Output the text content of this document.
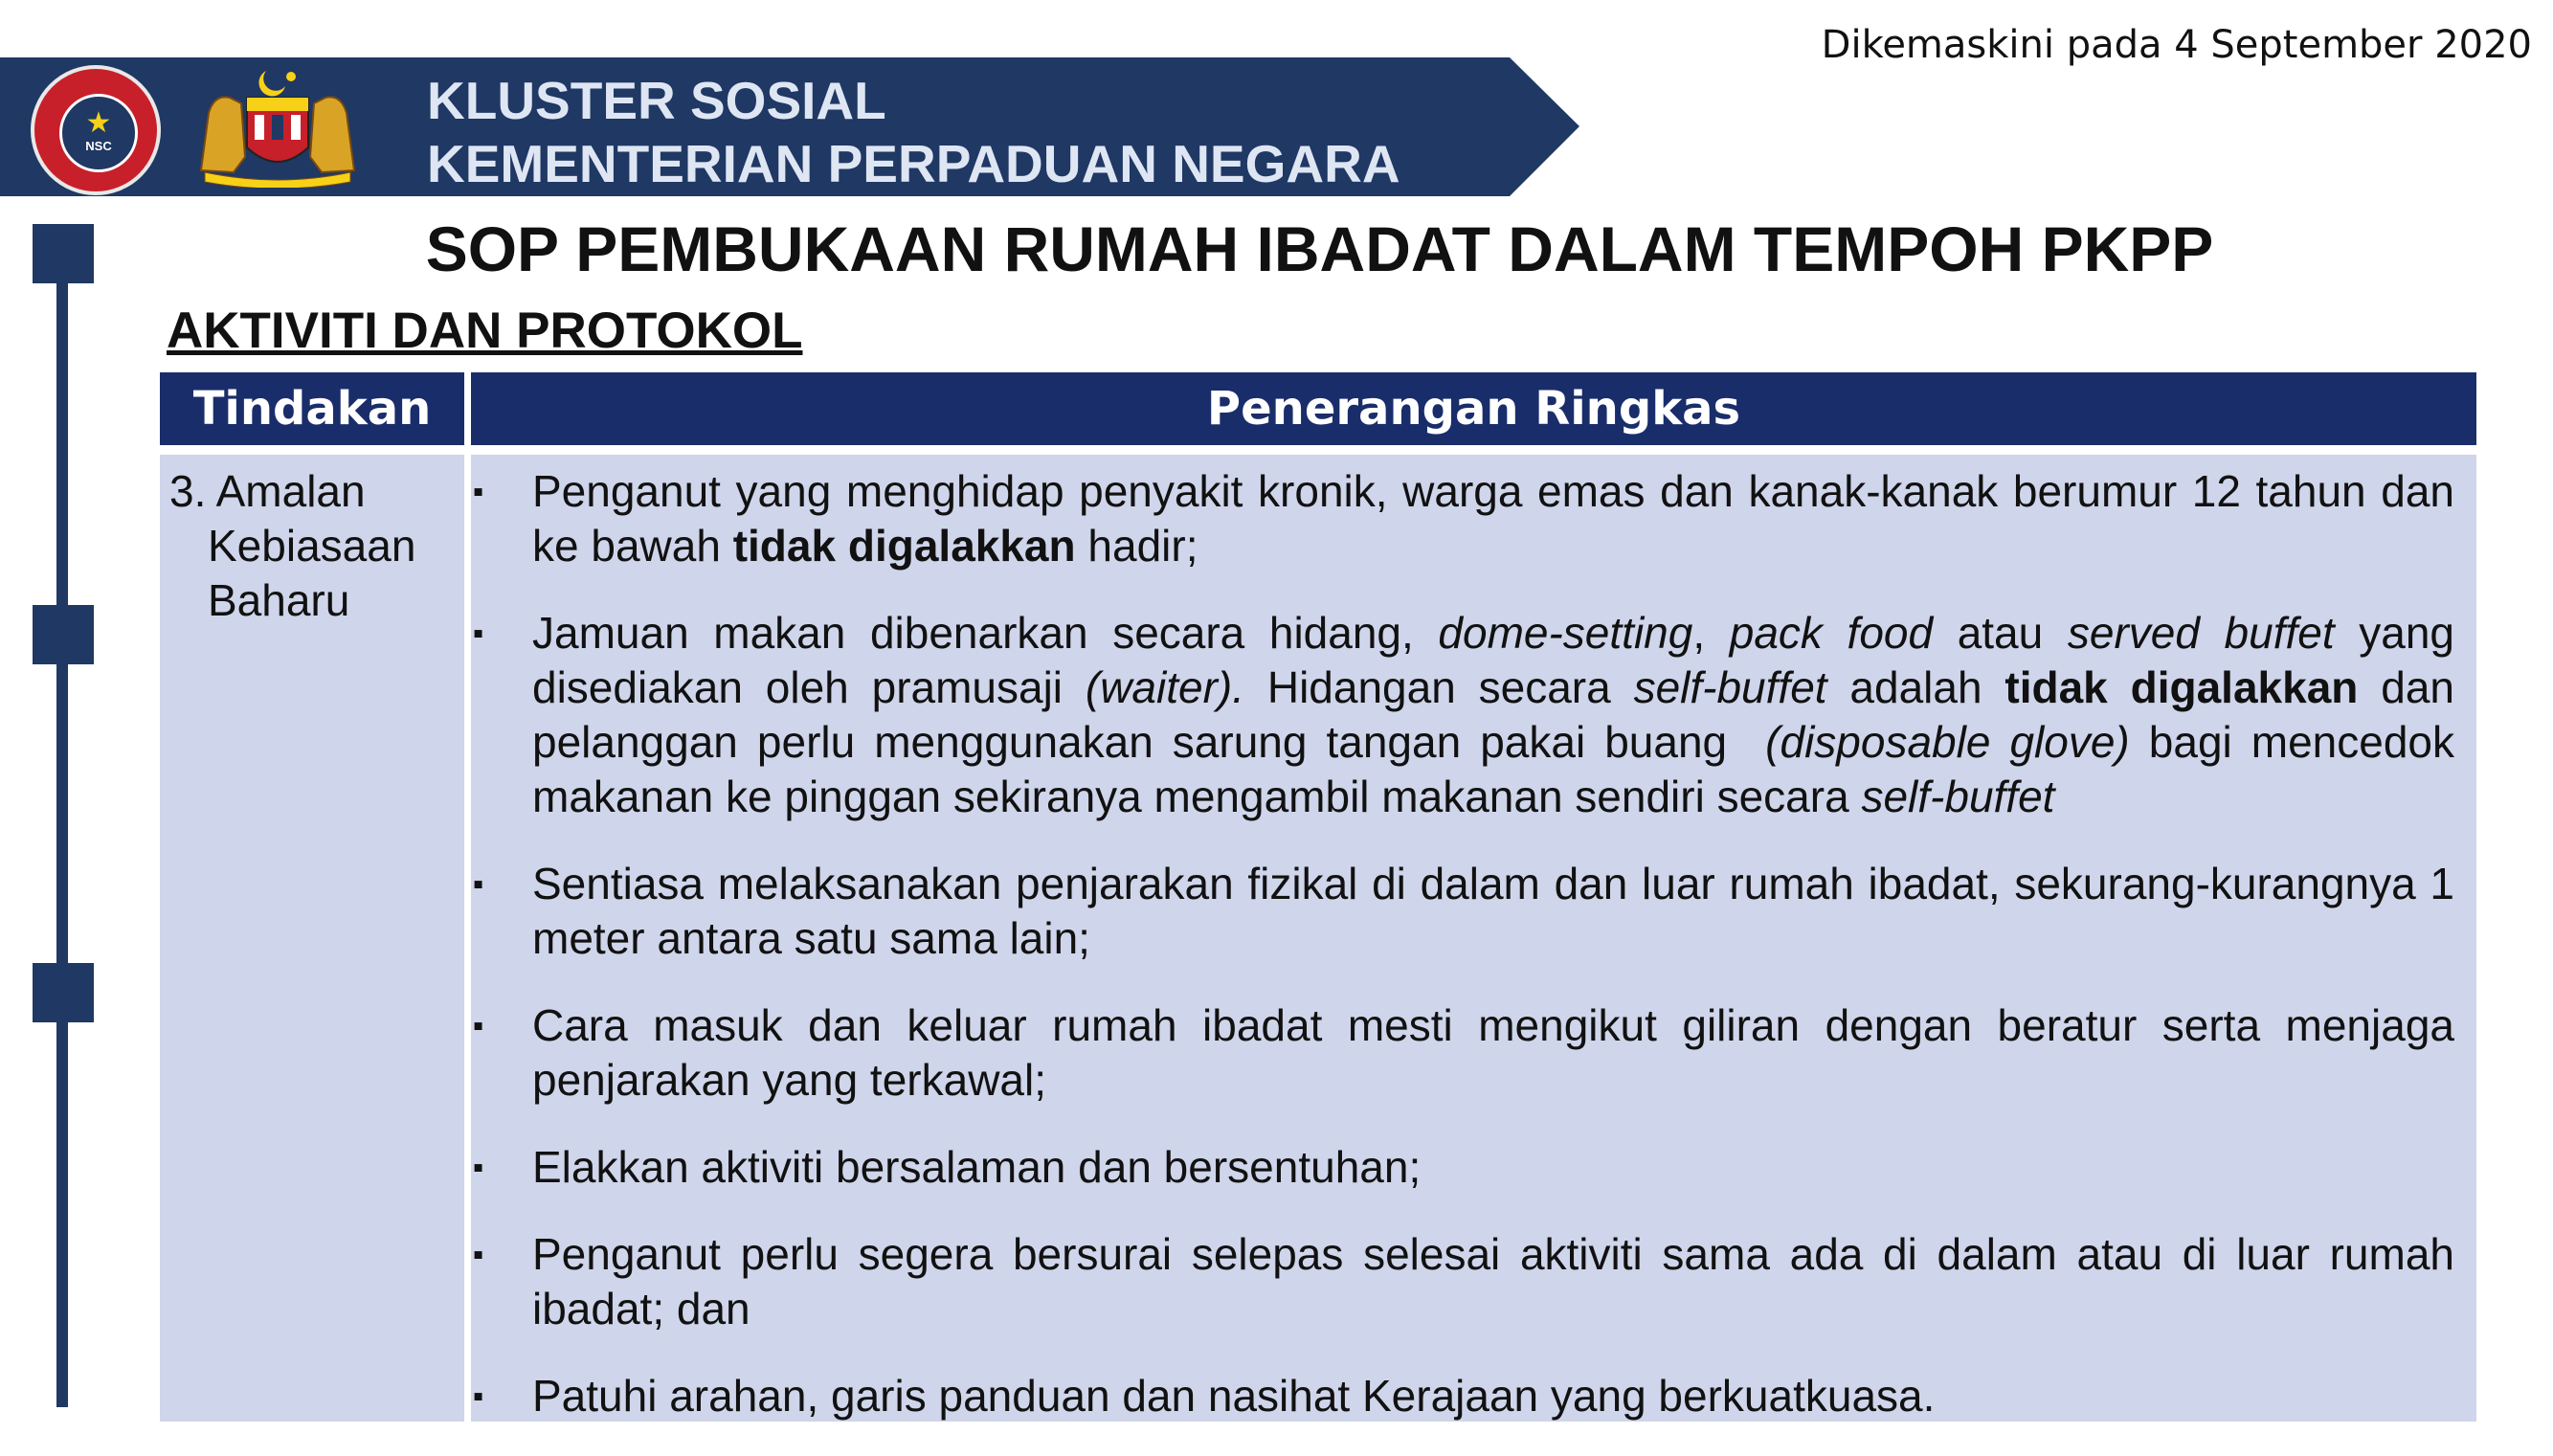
Dikemaskini pada 4 September 2020
KLUSTER SOSIAL
KEMENTERIAN PERPADUAN NEGARA
★
NSC
SOP PEMBUKAAN RUMAH IBADAT DALAM TEMPOH PKPP
AKTIVITI DAN PROTOKOL
Tindakan	Penerangan Ringkas
3. Amalan
Kebiasaan
Baharu
▪ Penganut yang menghidap penyakit kronik, warga emas dan kanak-kanak berumur 12 tahun dan ke bawah tidak digalakkan hadir;
▪ Jamuan makan dibenarkan secara hidang, dome-setting, pack food atau served buffet yang disediakan oleh pramusaji (waiter). Hidangan secara self-buffet adalah tidak digalakkan dan pelanggan perlu menggunakan sarung tangan pakai buang  (disposable glove) bagi mencedok makanan ke pinggan sekiranya mengambil makanan sendiri secara self-buffet
▪ Sentiasa melaksanakan penjarakan fizikal di dalam dan luar rumah ibadat, sekurang-kurangnya 1 meter antara satu sama lain;
▪ Cara masuk dan keluar rumah ibadat mesti mengikut giliran dengan beratur serta menjaga penjarakan yang terkawal;
▪ Elakkan aktiviti bersalaman dan bersentuhan;
▪ Penganut perlu segera bersurai selepas selesai aktiviti sama ada di dalam atau di luar rumah ibadat; dan
▪ Patuhi arahan, garis panduan dan nasihat Kerajaan yang berkuatkuasa.
